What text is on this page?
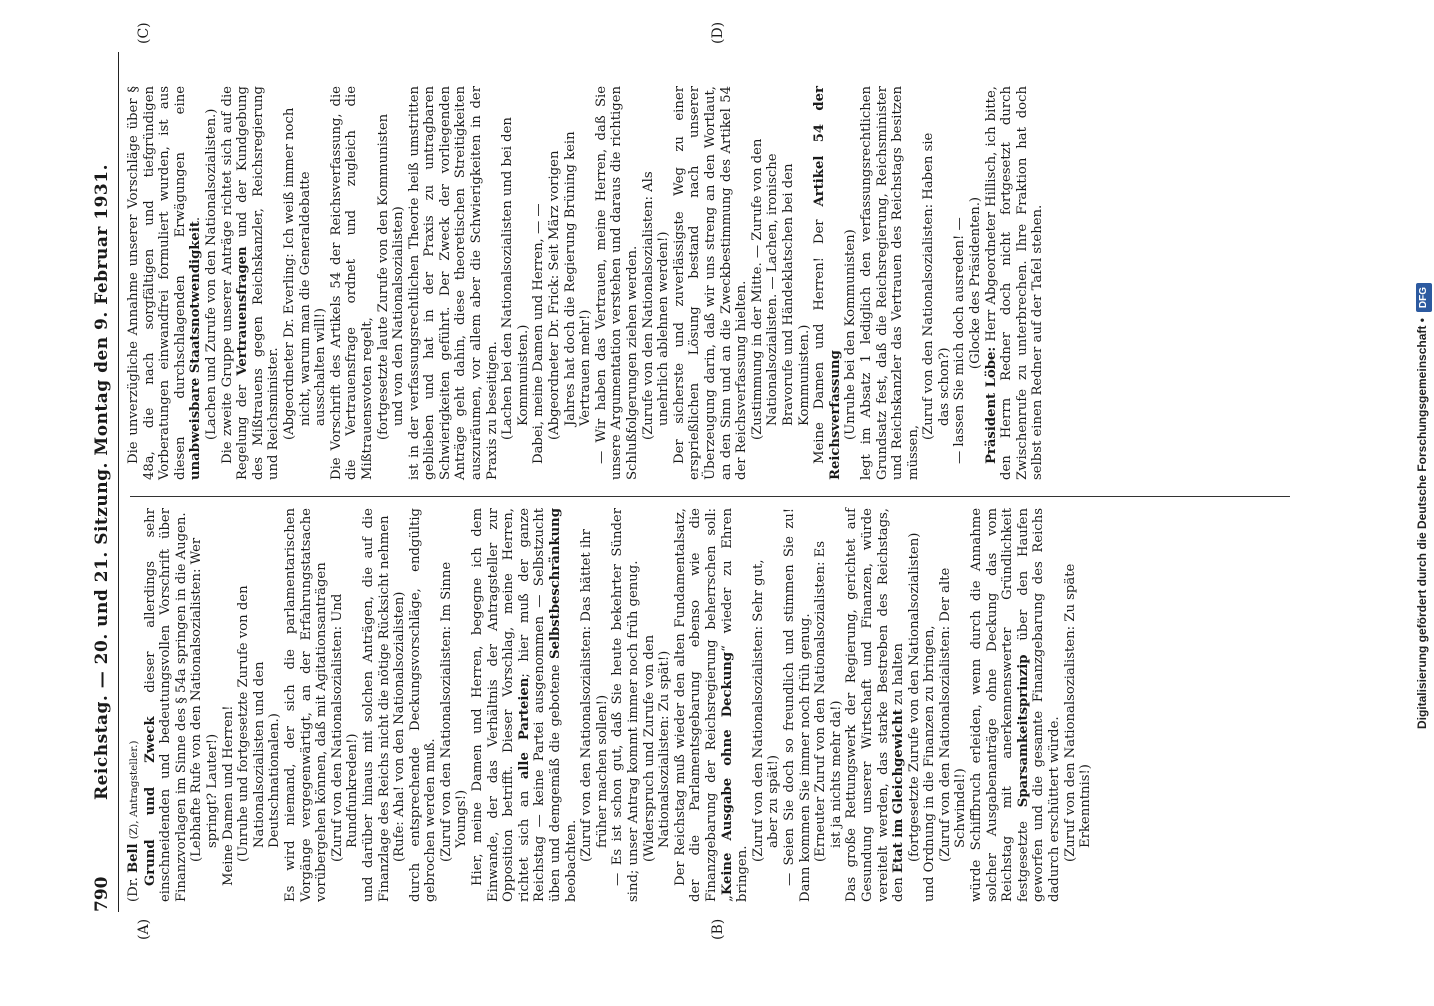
790
Reichstag. — 20. und 21. Sitzung. Montag den 9. Februar 1931.
(A)	(B)
(C)	(D)

(Dr. Bell (Z), Antragsteller.) Grund und Zweck dieser allerdings sehr einschneidenden und bedeutungsvollen Vorschrift über Finanzvorlagen im Sinne des § 54a springen in die Augen. (Lebhafte Rufe von den Nationalsozialisten: Wer springt? Lauter!) Meine Damen und Herren! (Unruhe und fortgesetzte Zurufe von den Nationalsozialisten und den Deutschnationalen.) Es wird niemand, der sich die parlamentarischen Vorgänge vergegenwärtigt, an der Erfahrungstatsache vorübergehen können, daß mit Agitationsanträgen (Zuruf von den Nationalsozialisten: Und Rundfunkreden!) und darüber hinaus mit solchen Anträgen, die auf die Finanzlage des Reichs nicht die nötige Rücksicht nehmen (Rufe: Aha! von den Nationalsozialisten) durch entsprechende Deckungsvorschläge, endgültig gebrochen werden muß. (Zuruf von den Nationalsozialisten: Im Sinne Youngs!) Hier, meine Damen und Herren, begegne ich dem Einwande, der das Verhältnis der Antragsteller zur Opposition betrifft. Dieser Vorschlag, meine Herren, richtet sich an alle Parteien; hier muß der ganze Reichstag — keine Partei ausgenommen — Selbstzucht üben und demgemäß die gebotene Selbstbeschränkung beobachten. (Zuruf von den Nationalsozialisten: Das hättet ihr früher machen sollen!) — Es ist schon gut, daß Sie heute bekehrter Sünder sind; unser Antrag kommt immer noch früh genug. (Widerspruch und Zurufe von den Nationalsozialisten: Zu spät!) Der Reichstag muß wieder den alten Fundamentalsatz, der die Parlamentsgebarung ebenso wie die Finanzgebarung der Reichsregierung beherrschen soll: „Keine Ausgabe ohne Deckung“ wieder zu Ehren bringen.

(Zuruf von den Nationalsozialisten: Sehr gut, aber zu spät!) — Seien Sie doch so freundlich und stimmen Sie zu! Dann kommen Sie immer noch früh genug. (Erneuter Zuruf von den Nationalsozialisten: Es ist ja nichts mehr da!) Das große Rettungswerk der Regierung, gerichtet auf Gesundung unserer Wirtschaft und Finanzen, würde vereitelt werden, das starke Bestreben des Reichstags, den Etat im Gleichgewicht zu halten (fortgesetzte Zurufe von den Nationalsozialisten) und Ordnung in die Finanzen zu bringen, (Zuruf von den Nationalsozialisten: Der alte Schwindel!) würde Schiffbruch erleiden, wenn durch die Annahme solcher Ausgabenanträge ohne Deckung das vom Reichstag mit anerkennenswerter Gründlichkeit festgesetzte Sparsamkeitsprinzip über den Haufen geworfen und die gesamte Finanzgebarung des Reichs dadurch erschüttert würde. (Zuruf von den Nationalsozialisten: Zu späte Erkenntnis!)

Die unverzügliche Annahme unserer Vorschläge über § 48a, die nach sorgfältigen und tiefgründigen Vorberatungen einwandfrei formuliert wurden, ist aus diesen durchschlagenden Erwägungen eine unabweisbare Staatsnotwendigkeit. (Lachen und Zurufe von den Nationalsozialisten.) Die zweite Gruppe unserer Anträge richtet sich auf die Regelung der Vertrauensfragen und der Kundgebung des Mißtrauens gegen Reichskanzler, Reichsregierung und Reichsminister. (Abgeordneter Dr. Everling: Ich weiß immer noch nicht, warum man die Generaldebatte ausschalten will!) Die Vorschrift des Artikels 54 der Reichsverfassung, die die Vertrauensfrage ordnet und zugleich die Mißtrauensvoten regelt, (fortgesetzte laute Zurufe von den Kommunisten und von den Nationalsozialisten) ist in der verfassungsrechtlichen Theorie heiß umstritten geblieben und hat in der Praxis zu untragbaren Schwierigkeiten geführt. Der Zweck der vorliegenden Anträge geht dahin, diese theoretischen Streitigkeiten auszuräumen, vor allem aber die Schwierigkeiten in der Praxis zu beseitigen. (Lachen bei den Nationalsozialisten und bei den Kommunisten.) Dabei, meine Damen und Herren, — — (Abgeordneter Dr. Frick: Seit März vorigen Jahres hat doch die Regierung Brüning kein Vertrauen mehr!) — Wir haben das Vertrauen, meine Herren, daß Sie unsere Argumentation verstehen und daraus die richtigen Schlußfolgerungen ziehen werden. (Zurufe von den Nationalsozialisten: Als unehrlich ablehnen werden!) Der sicherste und zuverlässigste Weg zu einer ersprießlichen Lösung bestand nach unserer Überzeugung darin, daß wir uns streng an den Wortlaut, an den Sinn und an die Zweckbestimmung des Artikel 54 der Reichsverfassung hielten. (Zustimmung in der Mitte. — Zurufe von den Nationalsozialisten. — Lachen, ironische Bravorufe und Händeklatschen bei den Kommunisten.) Meine Damen und Herren! Der Artikel 54 der Reichsverfassung (Unruhe bei den Kommunisten) legt im Absatz 1 lediglich den verfassungsrechtlichen Grundsatz fest, daß die Reichsregierung, Reichsminister und Reichskanzler das Vertrauen des Reichstags besitzen müssen,

(Zuruf von den Nationalsozialisten: Haben sie das schon?) — lassen Sie mich doch ausreden! — (Glocke des Präsidenten.)

Präsident Löbe: Herr Abgeordneter Hillisch, ich bitte, den Herrn Redner doch nicht fortgesetzt durch Zwischenrufe zu unterbrechen. Ihre Fraktion hat doch selbst einen Redner auf der Tafel stehen.	Digitalisierung gefördert durch die Deutsche Forschungsgemeinschaft •DFG
